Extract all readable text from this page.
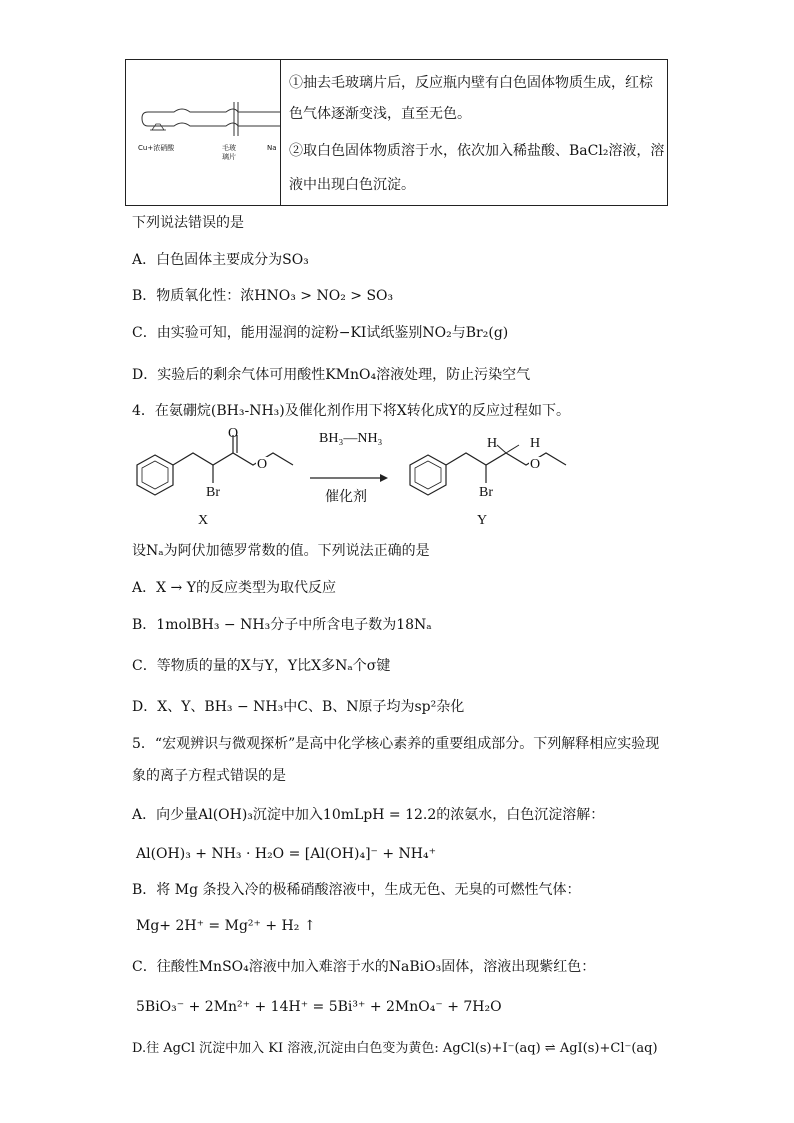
Cu+浓硝酸	毛玻
璃片
Na
①抽去毛玻璃片后，反应瓶内壁有白色固体物质生成，红棕
色气体逐渐变浅，直至无色。
②取白色固体物质溶于水，依次加入稀盐酸、BaCl₂溶液，溶
液中出现白色沉淀。
下列说法错误的是
A．白色固体主要成分为SO₃
B．物质氧化性：浓HNO₃ > NO₂ > SO₃
C．由实验可知，能用湿润的淀粉−KI试纸鉴别NO₂与Br₂(g)
D．实验后的剩余气体可用酸性KMnO₄溶液处理，防止污染空气
4．在氨硼烷(BH₃-NH₃)及催化剂作用下将X转化成Y的反应过程如下。
O
O
Br
BH₃—NH₃
催化剂
H H
O
Br
X	Y
设Nₐ为阿伏加德罗常数的值。下列说法正确的是
A．X → Y的反应类型为取代反应
B．1molBH₃ − NH₃分子中所含电子数为18Nₐ
C．等物质的量的X与Y，Y比X多Nₐ个σ键
D．X、Y、BH₃ − NH₃中C、B、N原子均为sp²杂化
5．“宏观辨识与微观探析”是高中化学核心素养的重要组成部分。下列解释相应实验现
象的离子方程式错误的是
A．向少量Al(OH)₃沉淀中加入10mLpH = 12.2的浓氨水，白色沉淀溶解：
Al(OH)₃ + NH₃ · H₂O = [Al(OH)₄]⁻ + NH₄⁺
B．将 Mg 条投入冷的极稀硝酸溶液中，生成无色、无臭的可燃性气体：
Mg+ 2H⁺ = Mg²⁺ + H₂ ↑
C．往酸性MnSO₄溶液中加入难溶于水的NaBiO₃固体，溶液出现紫红色：
5BiO₃⁻ + 2Mn²⁺ + 14H⁺ = 5Bi³⁺ + 2MnO₄⁻ + 7H₂O
D.往 AgCl 沉淀中加入 KI 溶液,沉淀由白色变为黄色: AgCl(s)+I⁻(aq) ⇌ AgI(s)+Cl⁻(aq)
